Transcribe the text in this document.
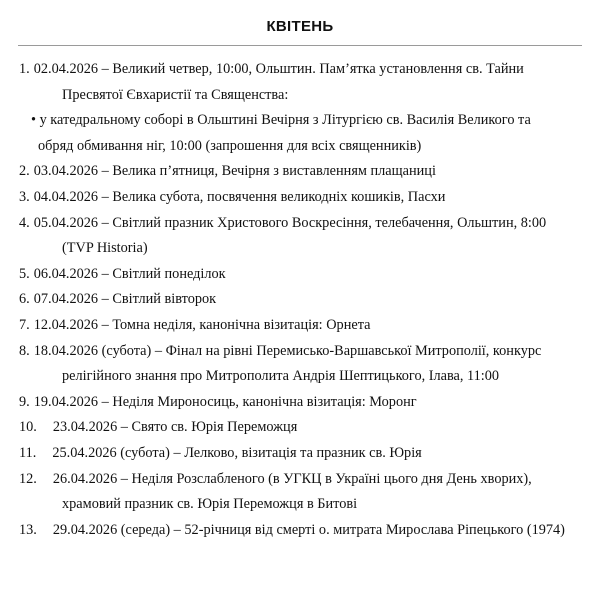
КВІТЕНЬ
1. 02.04.2026 – Великий четвер, 10:00, Ольштин. Пам’ятка установлення св. Тайни
Пресвятої Євхаристії та Священства:
• у катедральному соборі в Ольштині Вечірня з Літургією св. Василія Великого та
обряд обмивання ніг, 10:00 (запрошення для всіх священників)
2. 03.04.2026 – Велика п’ятниця, Вечірня з виставленням плащаниці
3. 04.04.2026 – Велика субота, посвячення великодніх кошиків, Пасхи
4. 05.04.2026 – Світлий празник Христового Воскресіння, телебачення, Ольштин, 8:00
(TVP Historia)
5. 06.04.2026 – Світлий понеділок
6. 07.04.2026 – Світлий вівторок
7. 12.04.2026 – Томна неділя, канонічна візитація: Орнета
8. 18.04.2026 (субота) – Фінал на рівні Перемисько-Варшавської Митрополії, конкурс
релігійного знання про Митрополита Андрія Шептицького, Ілава, 11:00
9. 19.04.2026 – Неділя Мироносиць, канонічна візитація: Моронг
10. 23.04.2026 – Свято св. Юрія Переможця
11. 25.04.2026 (субота) – Лелково, візитація та празник св. Юрія
12. 26.04.2026 – Неділя Розслабленого (в УГКЦ в Україні цього дня День хворих),
храмовий празник св. Юрія Переможця в Битові
13. 29.04.2026 (середа) – 52-річниця від смерті о. митрата Мирослава Ріпецького (1974)
